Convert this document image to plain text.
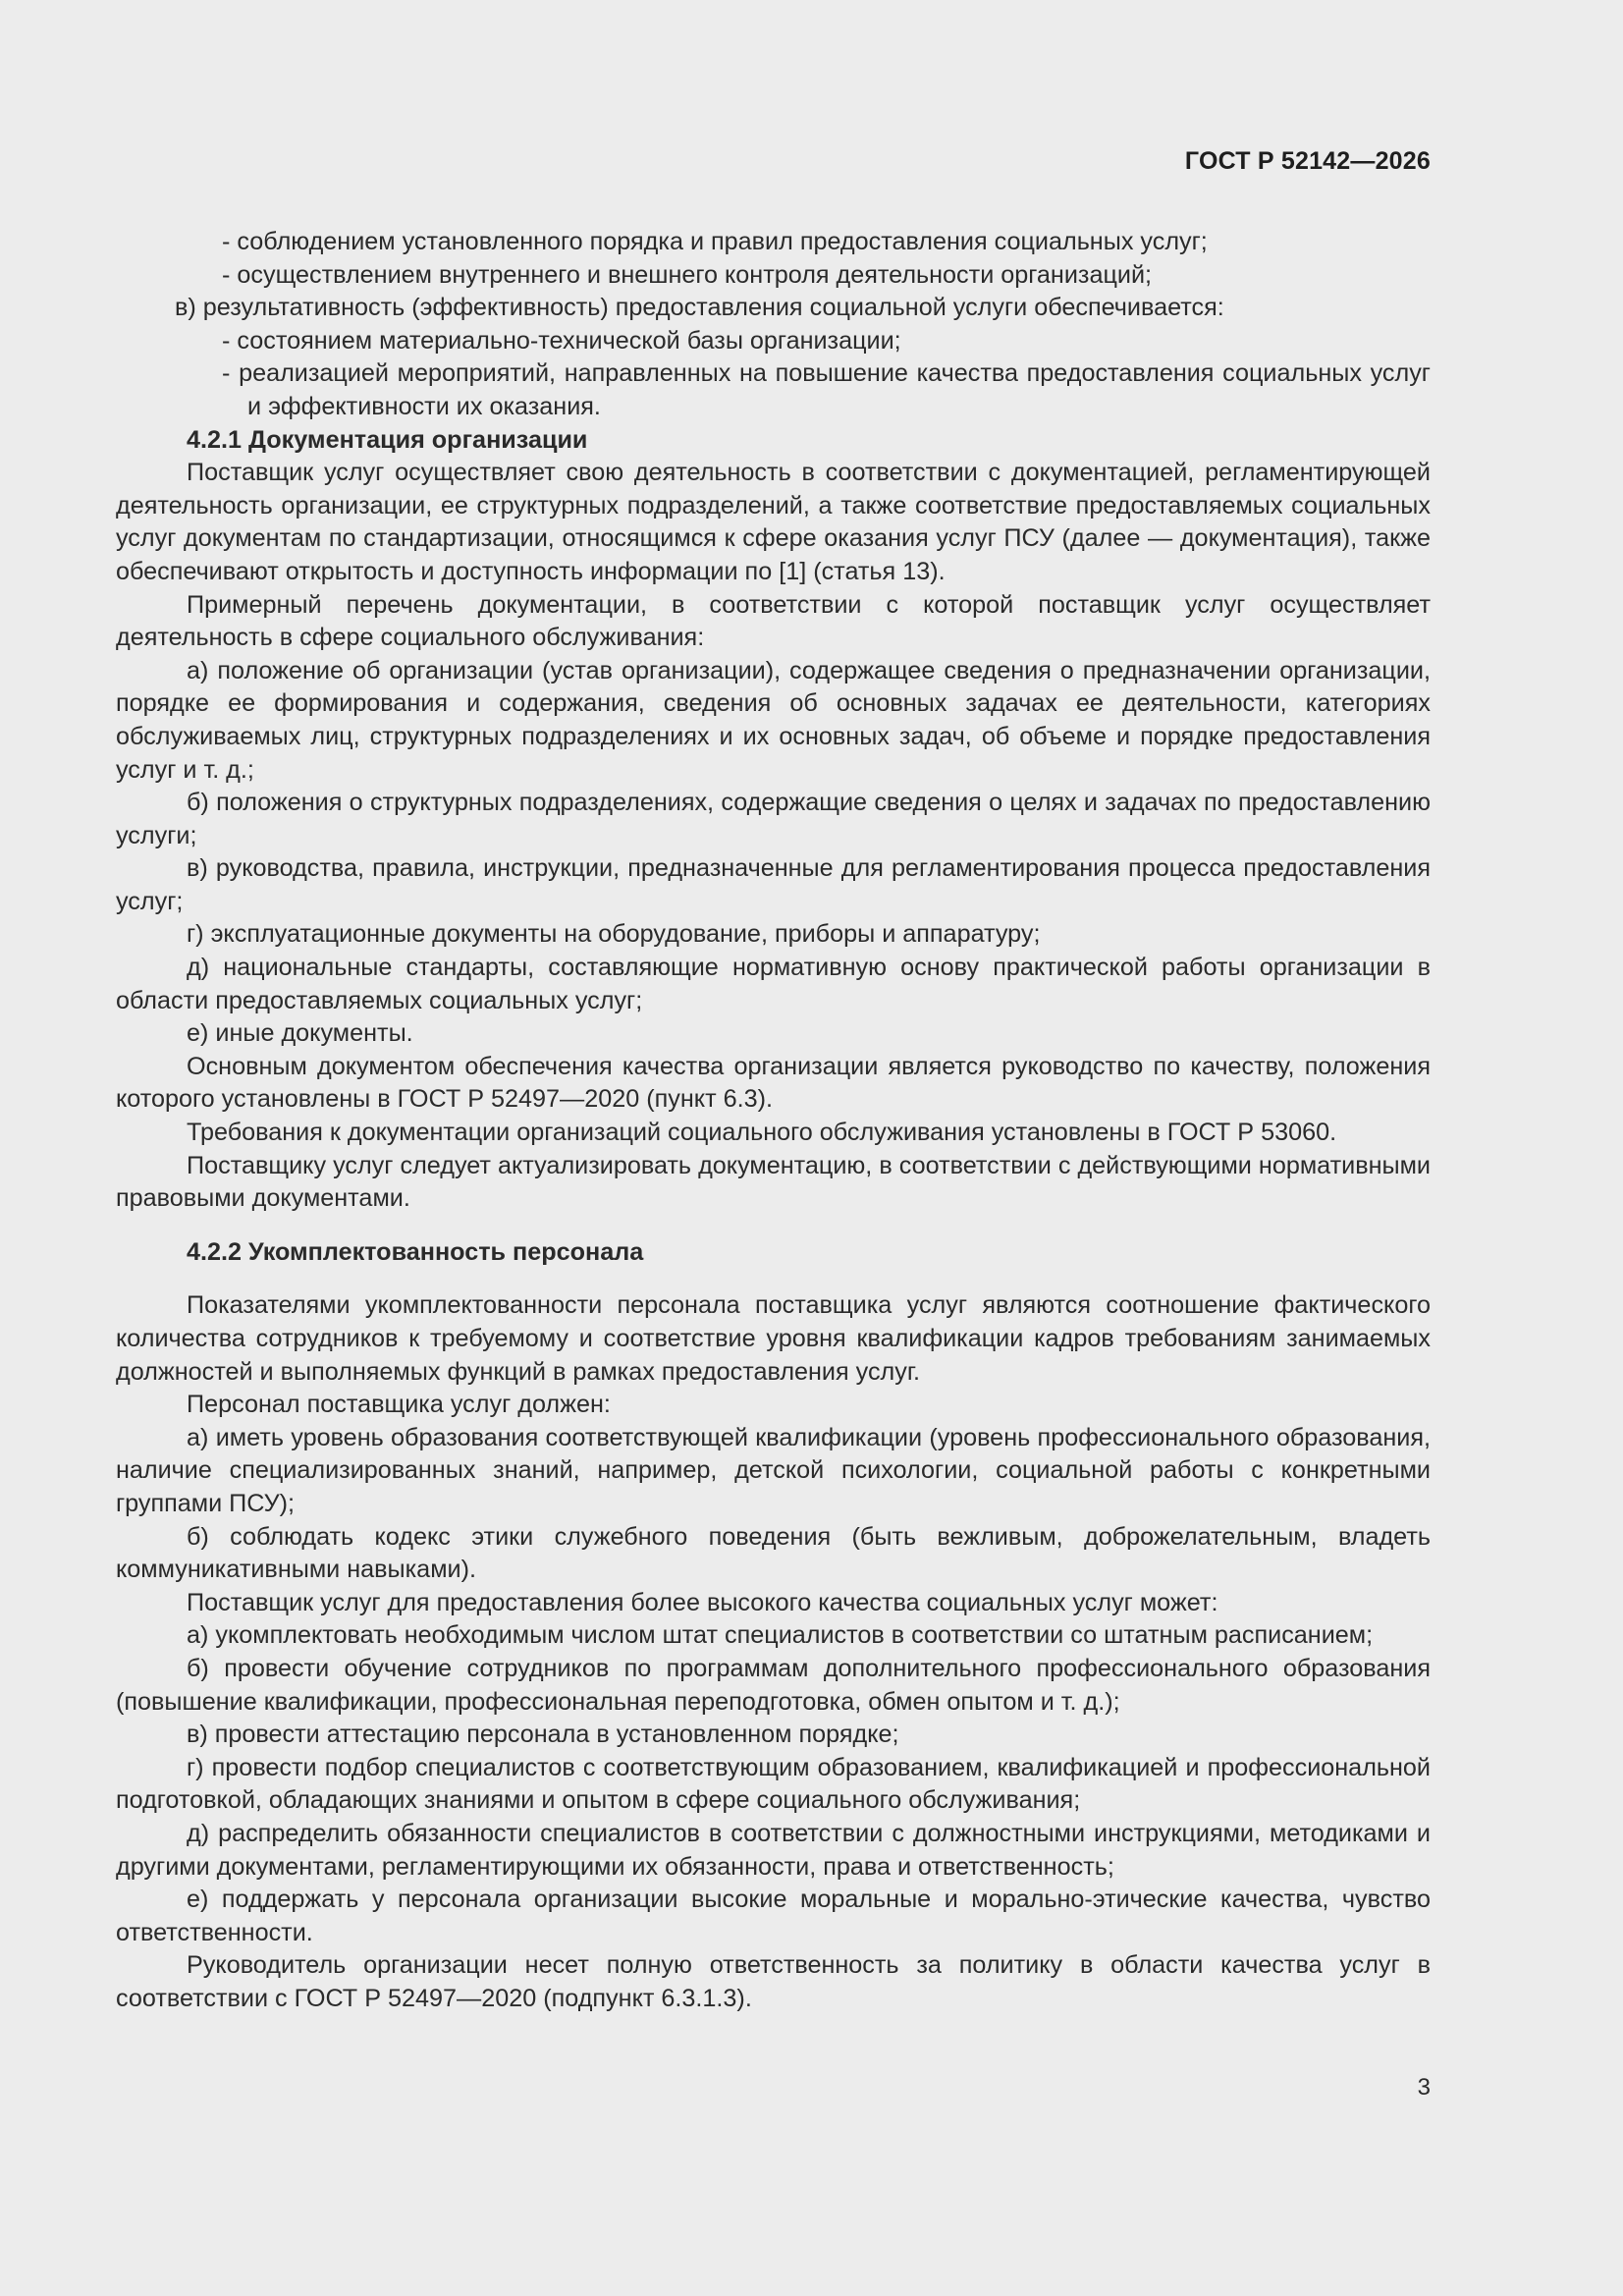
ГОСТ Р 52142—2026

- соблюдением установленного порядка и правил предоставления социальных услуг;

- осуществлением внутреннего и внешнего контроля деятельности организаций;

в) результативность (эффективность) предоставления социальной услуги обеспечивается:

- состоянием материально-технической базы организации;

- реализацией мероприятий, направленных на повышение качества предоставления социальных услуг и эффективности их оказания.

4.2.1 Документация организации

Поставщик услуг осуществляет свою деятельность в соответствии с документацией, регламентирующей деятельность организации, ее структурных подразделений, а также соответствие предоставляемых социальных услуг документам по стандартизации, относящимся к сфере оказания услуг ПСУ (далее — документация), также обеспечивают открытость и доступность информации по [1] (статья 13).

Примерный перечень документации, в соответствии с которой поставщик услуг осуществляет деятельность в сфере социального обслуживания:

а) положение об организации (устав организации), содержащее сведения о предназначении организации, порядке ее формирования и содержания, сведения об основных задачах ее деятельности, категориях обслуживаемых лиц, структурных подразделениях и их основных задач, об объеме и порядке предоставления услуг и т. д.;

б) положения о структурных подразделениях, содержащие сведения о целях и задачах по предоставлению услуги;

в) руководства, правила, инструкции, предназначенные для регламентирования процесса предоставления услуг;

г) эксплуатационные документы на оборудование, приборы и аппаратуру;

д) национальные стандарты, составляющие нормативную основу практической работы организации в области предоставляемых социальных услуг;

е) иные документы.

Основным документом обеспечения качества организации является руководство по качеству, положения которого установлены в ГОСТ Р 52497—2020 (пункт 6.3).

Требования к документации организаций социального обслуживания установлены в ГОСТ Р 53060.

Поставщику услуг следует актуализировать документацию, в соответствии с действующими нормативными правовыми документами.

4.2.2 Укомплектованность персонала

Показателями укомплектованности персонала поставщика услуг являются соотношение фактического количества сотрудников к требуемому и соответствие уровня квалификации кадров требованиям занимаемых должностей и выполняемых функций в рамках предоставления услуг.

Персонал поставщика услуг должен:

а) иметь уровень образования соответствующей квалификации (уровень профессионального образования, наличие специализированных знаний, например, детской психологии, социальной работы с конкретными группами ПСУ);

б) соблюдать кодекс этики служебного поведения (быть вежливым, доброжелательным, владеть коммуникативными навыками).

Поставщик услуг для предоставления более высокого качества социальных услуг может:

а) укомплектовать необходимым числом штат специалистов в соответствии со штатным расписанием;

б) провести обучение сотрудников по программам дополнительного профессионального образования (повышение квалификации, профессиональная переподготовка, обмен опытом и т. д.);

в) провести аттестацию персонала в установленном порядке;

г) провести подбор специалистов с соответствующим образованием, квалификацией и профессиональной подготовкой, обладающих знаниями и опытом в сфере социального обслуживания;

д) распределить обязанности специалистов в соответствии с должностными инструкциями, методиками и другими документами, регламентирующими их обязанности, права и ответственность;

е) поддержать у персонала организации высокие моральные и морально-этические качества, чувство ответственности.

Руководитель организации несет полную ответственность за политику в области качества услуг в соответствии с ГОСТ Р 52497—2020 (подпункт 6.3.1.3).

3
